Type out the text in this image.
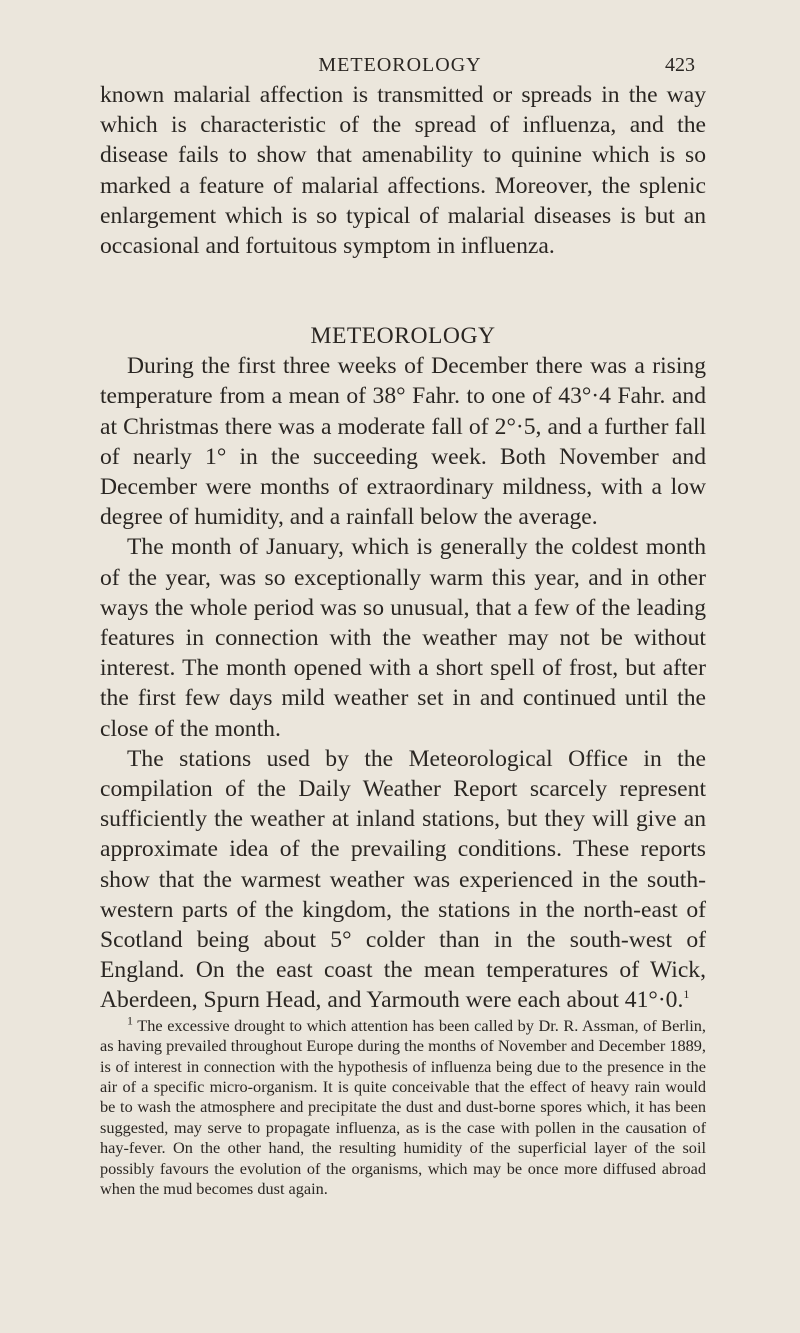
METEOROLOGY	423

known malarial affection is transmitted or spreads in the way which is characteristic of the spread of influenza, and the disease fails to show that amenability to quinine which is so marked a feature of malarial affections. Moreover, the splenic enlargement which is so typical of malarial diseases is but an occasional and fortuitous symptom in influenza.

METEOROLOGY

During the first three weeks of December there was a rising temperature from a mean of 38° Fahr. to one of 43°·4 Fahr. and at Christmas there was a moderate fall of 2°·5, and a further fall of nearly 1° in the succeeding week. Both November and December were months of extraordinary mildness, with a low degree of humidity, and a rainfall below the average.

The month of January, which is generally the coldest month of the year, was so exceptionally warm this year, and in other ways the whole period was so unusual, that a few of the leading features in connection with the weather may not be without interest. The month opened with a short spell of frost, but after the first few days mild weather set in and continued until the close of the month.

The stations used by the Meteorological Office in the compilation of the Daily Weather Report scarcely represent sufficiently the weather at inland stations, but they will give an approximate idea of the prevailing conditions. These reports show that the warmest weather was experienced in the south-western parts of the kingdom, the stations in the north-east of Scotland being about 5° colder than in the south-west of England. On the east coast the mean temperatures of Wick, Aberdeen, Spurn Head, and Yarmouth were each about 41°·0.$^1$

$^1$ The excessive drought to which attention has been called by Dr. R. Assman, of Berlin, as having prevailed throughout Europe during the months of November and December 1889, is of interest in connection with the hypothesis of influenza being due to the presence in the air of a specific micro-organism. It is quite conceivable that the effect of heavy rain would be to wash the atmosphere and precipitate the dust and dust-borne spores which, it has been suggested, may serve to propagate influenza, as is the case with pollen in the causation of hay-fever. On the other hand, the resulting humidity of the superficial layer of the soil possibly favours the evolution of the organisms, which may be once more diffused abroad when the mud becomes dust again.
